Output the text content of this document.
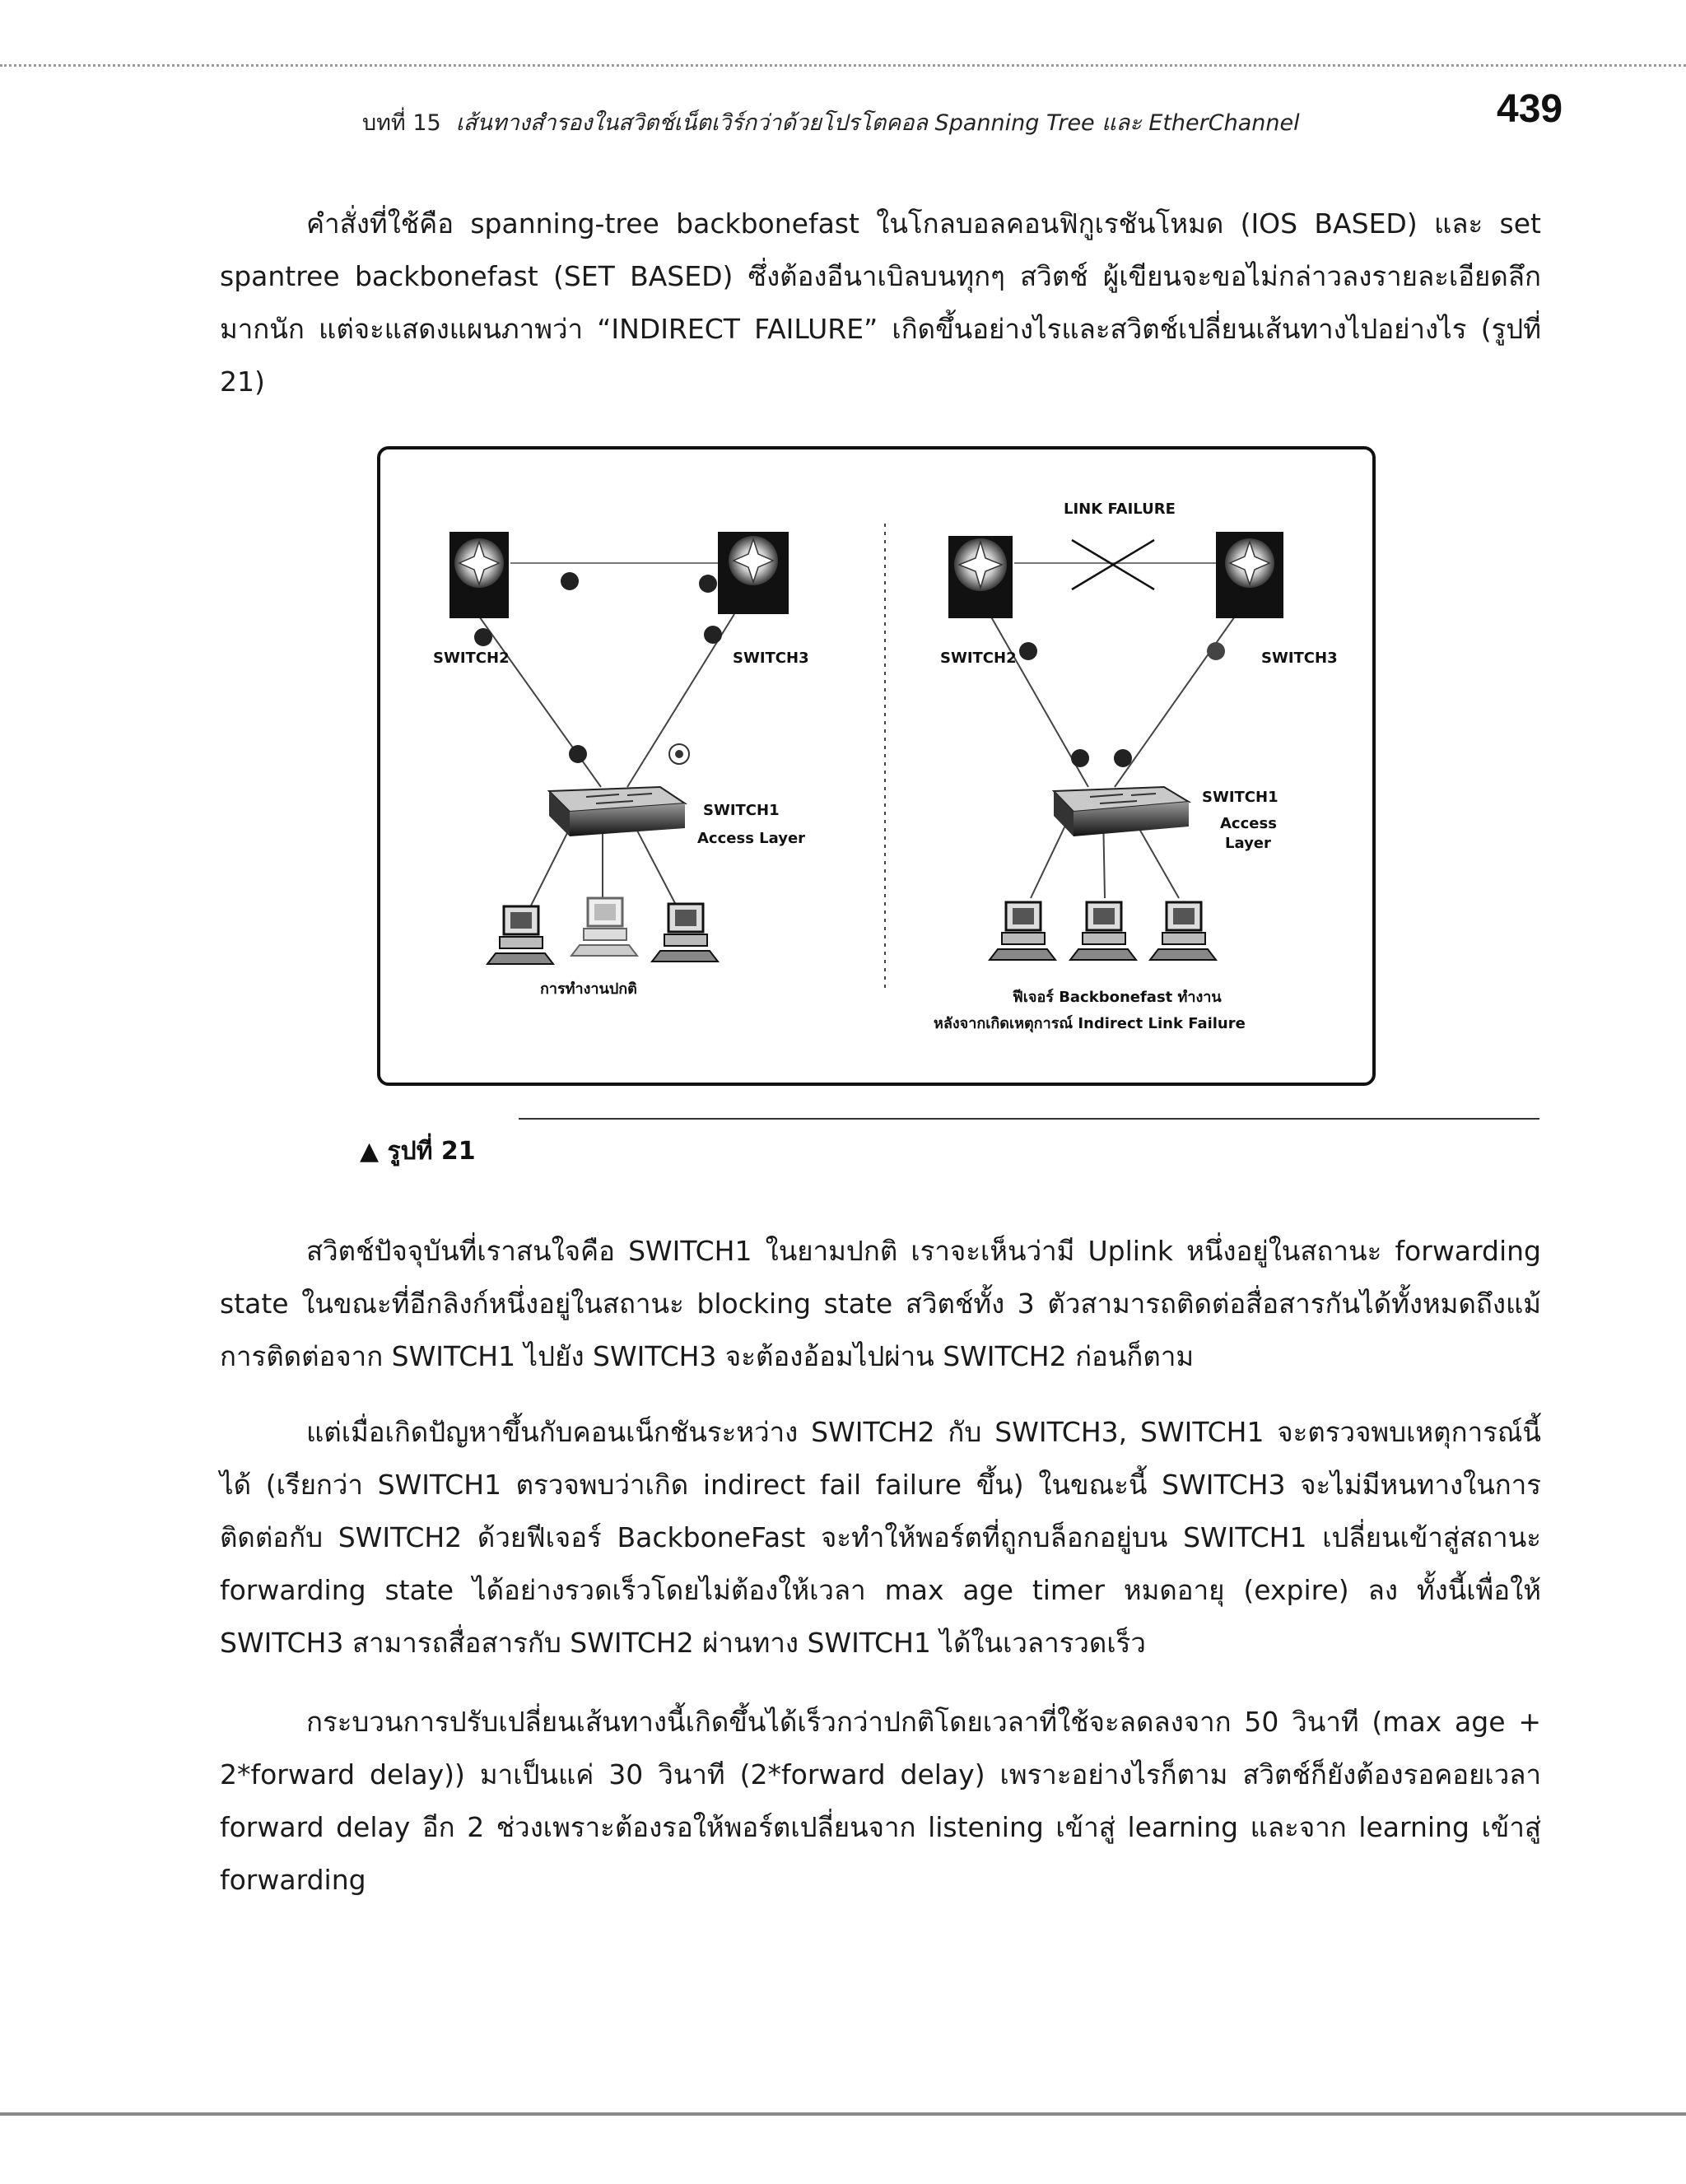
บทที่ 15 เส้นทางสำรองในสวิตช์เน็ตเวิร์กว่าด้วยโปรโตคอล Spanning Tree และ EtherChannel	439

คำสั่งที่ใช้คือ spanning-tree backbonefast ในโกลบอลคอนฟิกูเรชันโหมด (IOS BASED) และ set spantree backbonefast (SET BASED) ซึ่งต้องอีนาเบิลบนทุกๆ สวิตช์ ผู้เขียนจะขอไม่กล่าวลงรายละเอียดลึกมากนัก แต่จะแสดงแผนภาพว่า “INDIRECT FAILURE” เกิดขึ้นอย่างไรและสวิตช์เปลี่ยนเส้นทางไปอย่างไร (รูปที่ 21)

SWITCH2	SWITCH3
SWITCH1
Access Layer
การทำงานปกติ
LINK FAILURE
SWITCH2	SWITCH3
SWITCH1
Access
Layer
ฟีเจอร์ Backbonefast ทำงาน
หลังจากเกิดเหตุการณ์ Indirect Link Failure
▲ รูปที่ 21

สวิตช์ปัจจุบันที่เราสนใจคือ SWITCH1 ในยามปกติ เราจะเห็นว่ามี Uplink หนึ่งอยู่ในสถานะ forwarding state ในขณะที่อีกลิงก์หนึ่งอยู่ในสถานะ blocking state สวิตช์ทั้ง 3 ตัวสามารถติดต่อสื่อสารกันได้ทั้งหมดถึงแม้การติดต่อจาก SWITCH1 ไปยัง SWITCH3 จะต้องอ้อมไปผ่าน SWITCH2 ก่อนก็ตาม

แต่เมื่อเกิดปัญหาขึ้นกับคอนเน็กชันระหว่าง SWITCH2 กับ SWITCH3, SWITCH1 จะตรวจพบเหตุการณ์นี้ได้ (เรียกว่า SWITCH1 ตรวจพบว่าเกิด indirect fail failure ขึ้น) ในขณะนี้ SWITCH3 จะไม่มีหนทางในการติดต่อกับ SWITCH2 ด้วยฟีเจอร์ BackboneFast จะทำให้พอร์ตที่ถูกบล็อกอยู่บน SWITCH1 เปลี่ยนเข้าสู่สถานะ forwarding state ได้อย่างรวดเร็วโดยไม่ต้องให้เวลา max age timer หมดอายุ (expire) ลง ทั้งนี้เพื่อให้ SWITCH3 สามารถสื่อสารกับ SWITCH2 ผ่านทาง SWITCH1 ได้ในเวลารวดเร็ว

กระบวนการปรับเปลี่ยนเส้นทางนี้เกิดขึ้นได้เร็วกว่าปกติโดยเวลาที่ใช้จะลดลงจาก 50 วินาที (max age + 2*forward delay)) มาเป็นแค่ 30 วินาที (2*forward delay) เพราะอย่างไรก็ตาม สวิตช์ก็ยังต้องรอคอยเวลา forward delay อีก 2 ช่วงเพราะต้องรอให้พอร์ตเปลี่ยนจาก listening เข้าสู่ learning และจาก learning เข้าสู่ forwarding
